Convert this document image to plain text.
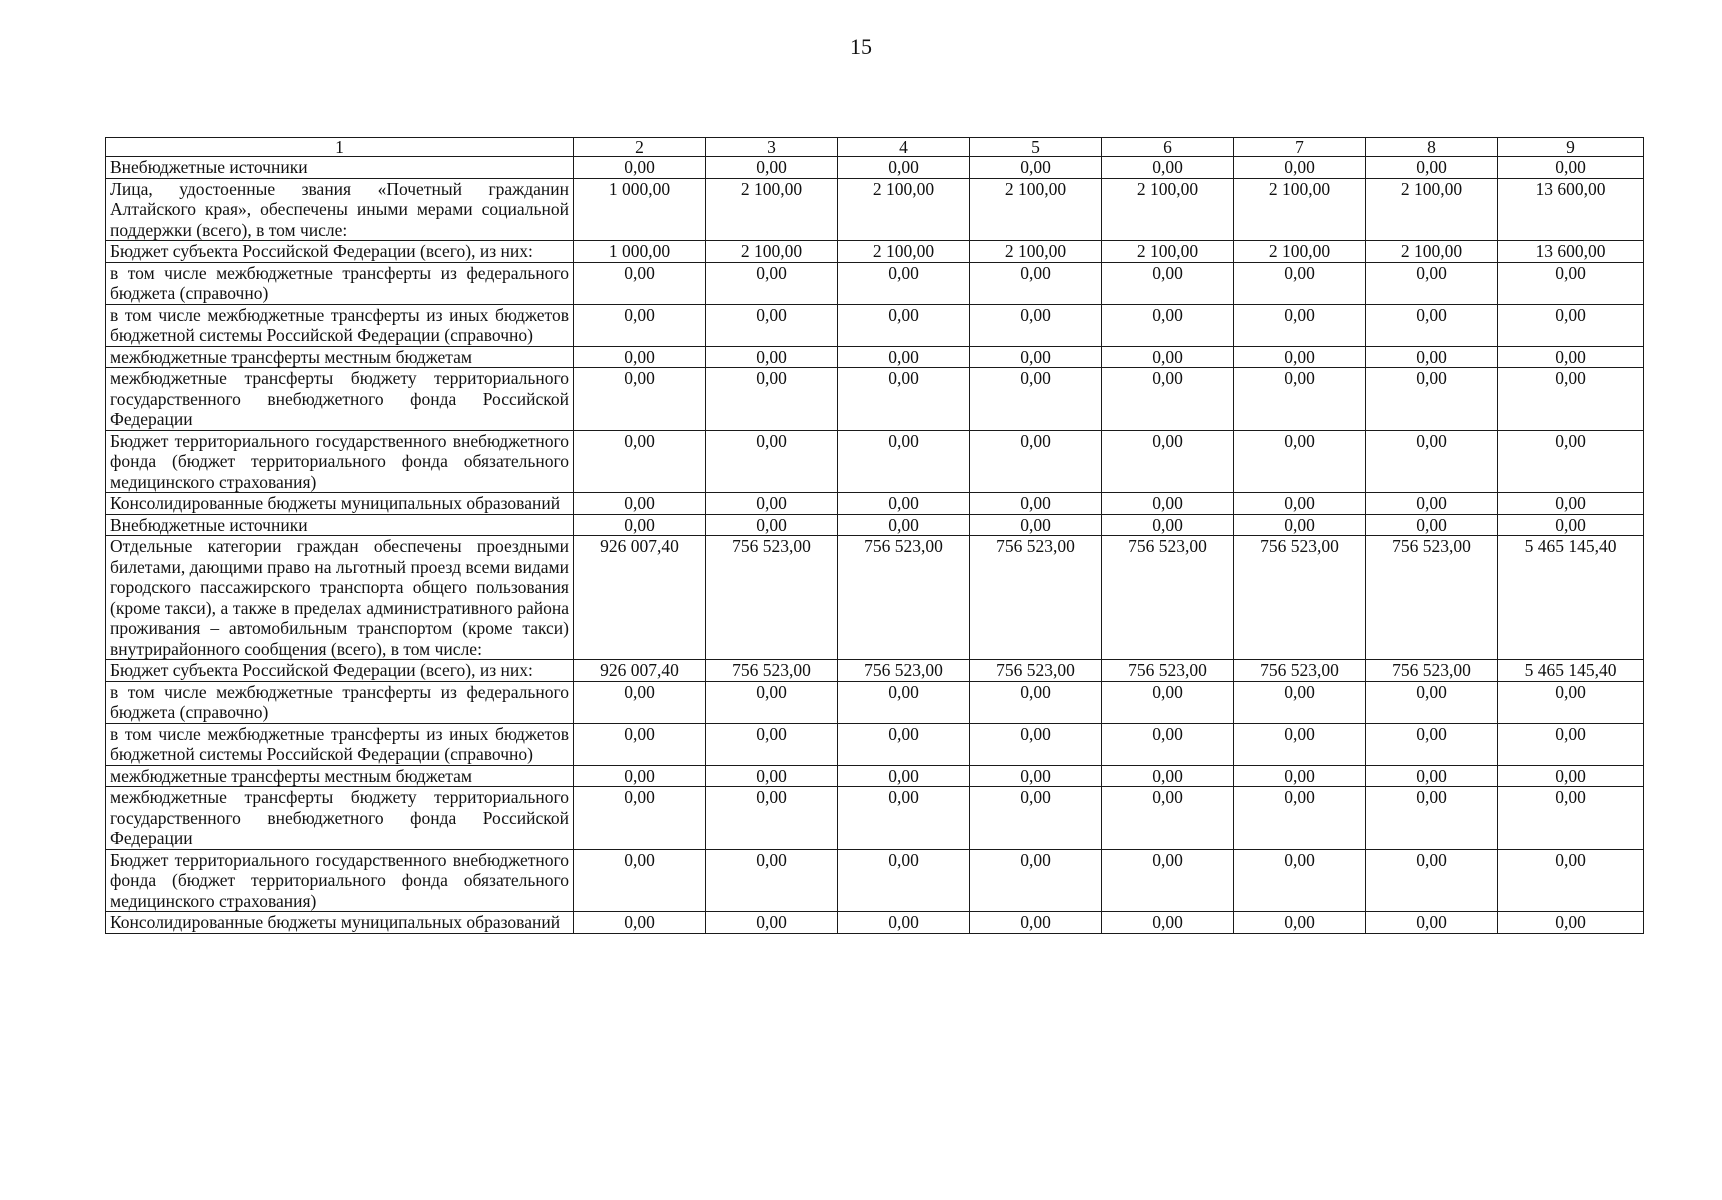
15
1	2	3	4	5	6	7	8	9
Внебюджетные источники	0,00	0,00	0,00	0,00	0,00	0,00	0,00	0,00
Лица, удостоенные звания «Почетный гражданин Алтайского края», обеспечены иными мерами социальной поддержки (всего), в том числе:	1 000,00	2 100,00	2 100,00	2 100,00	2 100,00	2 100,00	2 100,00	13 600,00
Бюджет субъекта Российской Федерации (всего), из них:	1 000,00	2 100,00	2 100,00	2 100,00	2 100,00	2 100,00	2 100,00	13 600,00
в том числе межбюджетные трансферты из федерального бюджета (справочно)	0,00	0,00	0,00	0,00	0,00	0,00	0,00	0,00
в том числе межбюджетные трансферты из иных бюджетов бюджетной системы Российской Федерации (справочно)	0,00	0,00	0,00	0,00	0,00	0,00	0,00	0,00
межбюджетные трансферты местным бюджетам	0,00	0,00	0,00	0,00	0,00	0,00	0,00	0,00
межбюджетные трансферты бюджету территориального государственного внебюджетного фонда Российской Федерации	0,00	0,00	0,00	0,00	0,00	0,00	0,00	0,00
Бюджет территориального государственного внебюджетного фонда (бюджет территориального фонда обязательного медицинского страхования)	0,00	0,00	0,00	0,00	0,00	0,00	0,00	0,00
Консолидированные бюджеты муниципальных образований	0,00	0,00	0,00	0,00	0,00	0,00	0,00	0,00
Внебюджетные источники	0,00	0,00	0,00	0,00	0,00	0,00	0,00	0,00
Отдельные категории граждан обеспечены проездными билетами, дающими право на льготный проезд всеми видами городского пассажирского транспорта общего пользования (кроме такси), а также в пределах административного района проживания – автомобильным транспортом (кроме такси) внутрирайонного сообщения (всего), в том числе:	926 007,40	756 523,00	756 523,00	756 523,00	756 523,00	756 523,00	756 523,00	5 465 145,40
Бюджет субъекта Российской Федерации (всего), из них:	926 007,40	756 523,00	756 523,00	756 523,00	756 523,00	756 523,00	756 523,00	5 465 145,40
в том числе межбюджетные трансферты из федерального бюджета (справочно)	0,00	0,00	0,00	0,00	0,00	0,00	0,00	0,00
в том числе межбюджетные трансферты из иных бюджетов бюджетной системы Российской Федерации (справочно)	0,00	0,00	0,00	0,00	0,00	0,00	0,00	0,00
межбюджетные трансферты местным бюджетам	0,00	0,00	0,00	0,00	0,00	0,00	0,00	0,00
межбюджетные трансферты бюджету территориального государственного внебюджетного фонда Российской Федерации	0,00	0,00	0,00	0,00	0,00	0,00	0,00	0,00
Бюджет территориального государственного внебюджетного фонда (бюджет территориального фонда обязательного медицинского страхования)	0,00	0,00	0,00	0,00	0,00	0,00	0,00	0,00
Консолидированные бюджеты муниципальных образований	0,00	0,00	0,00	0,00	0,00	0,00	0,00	0,00
